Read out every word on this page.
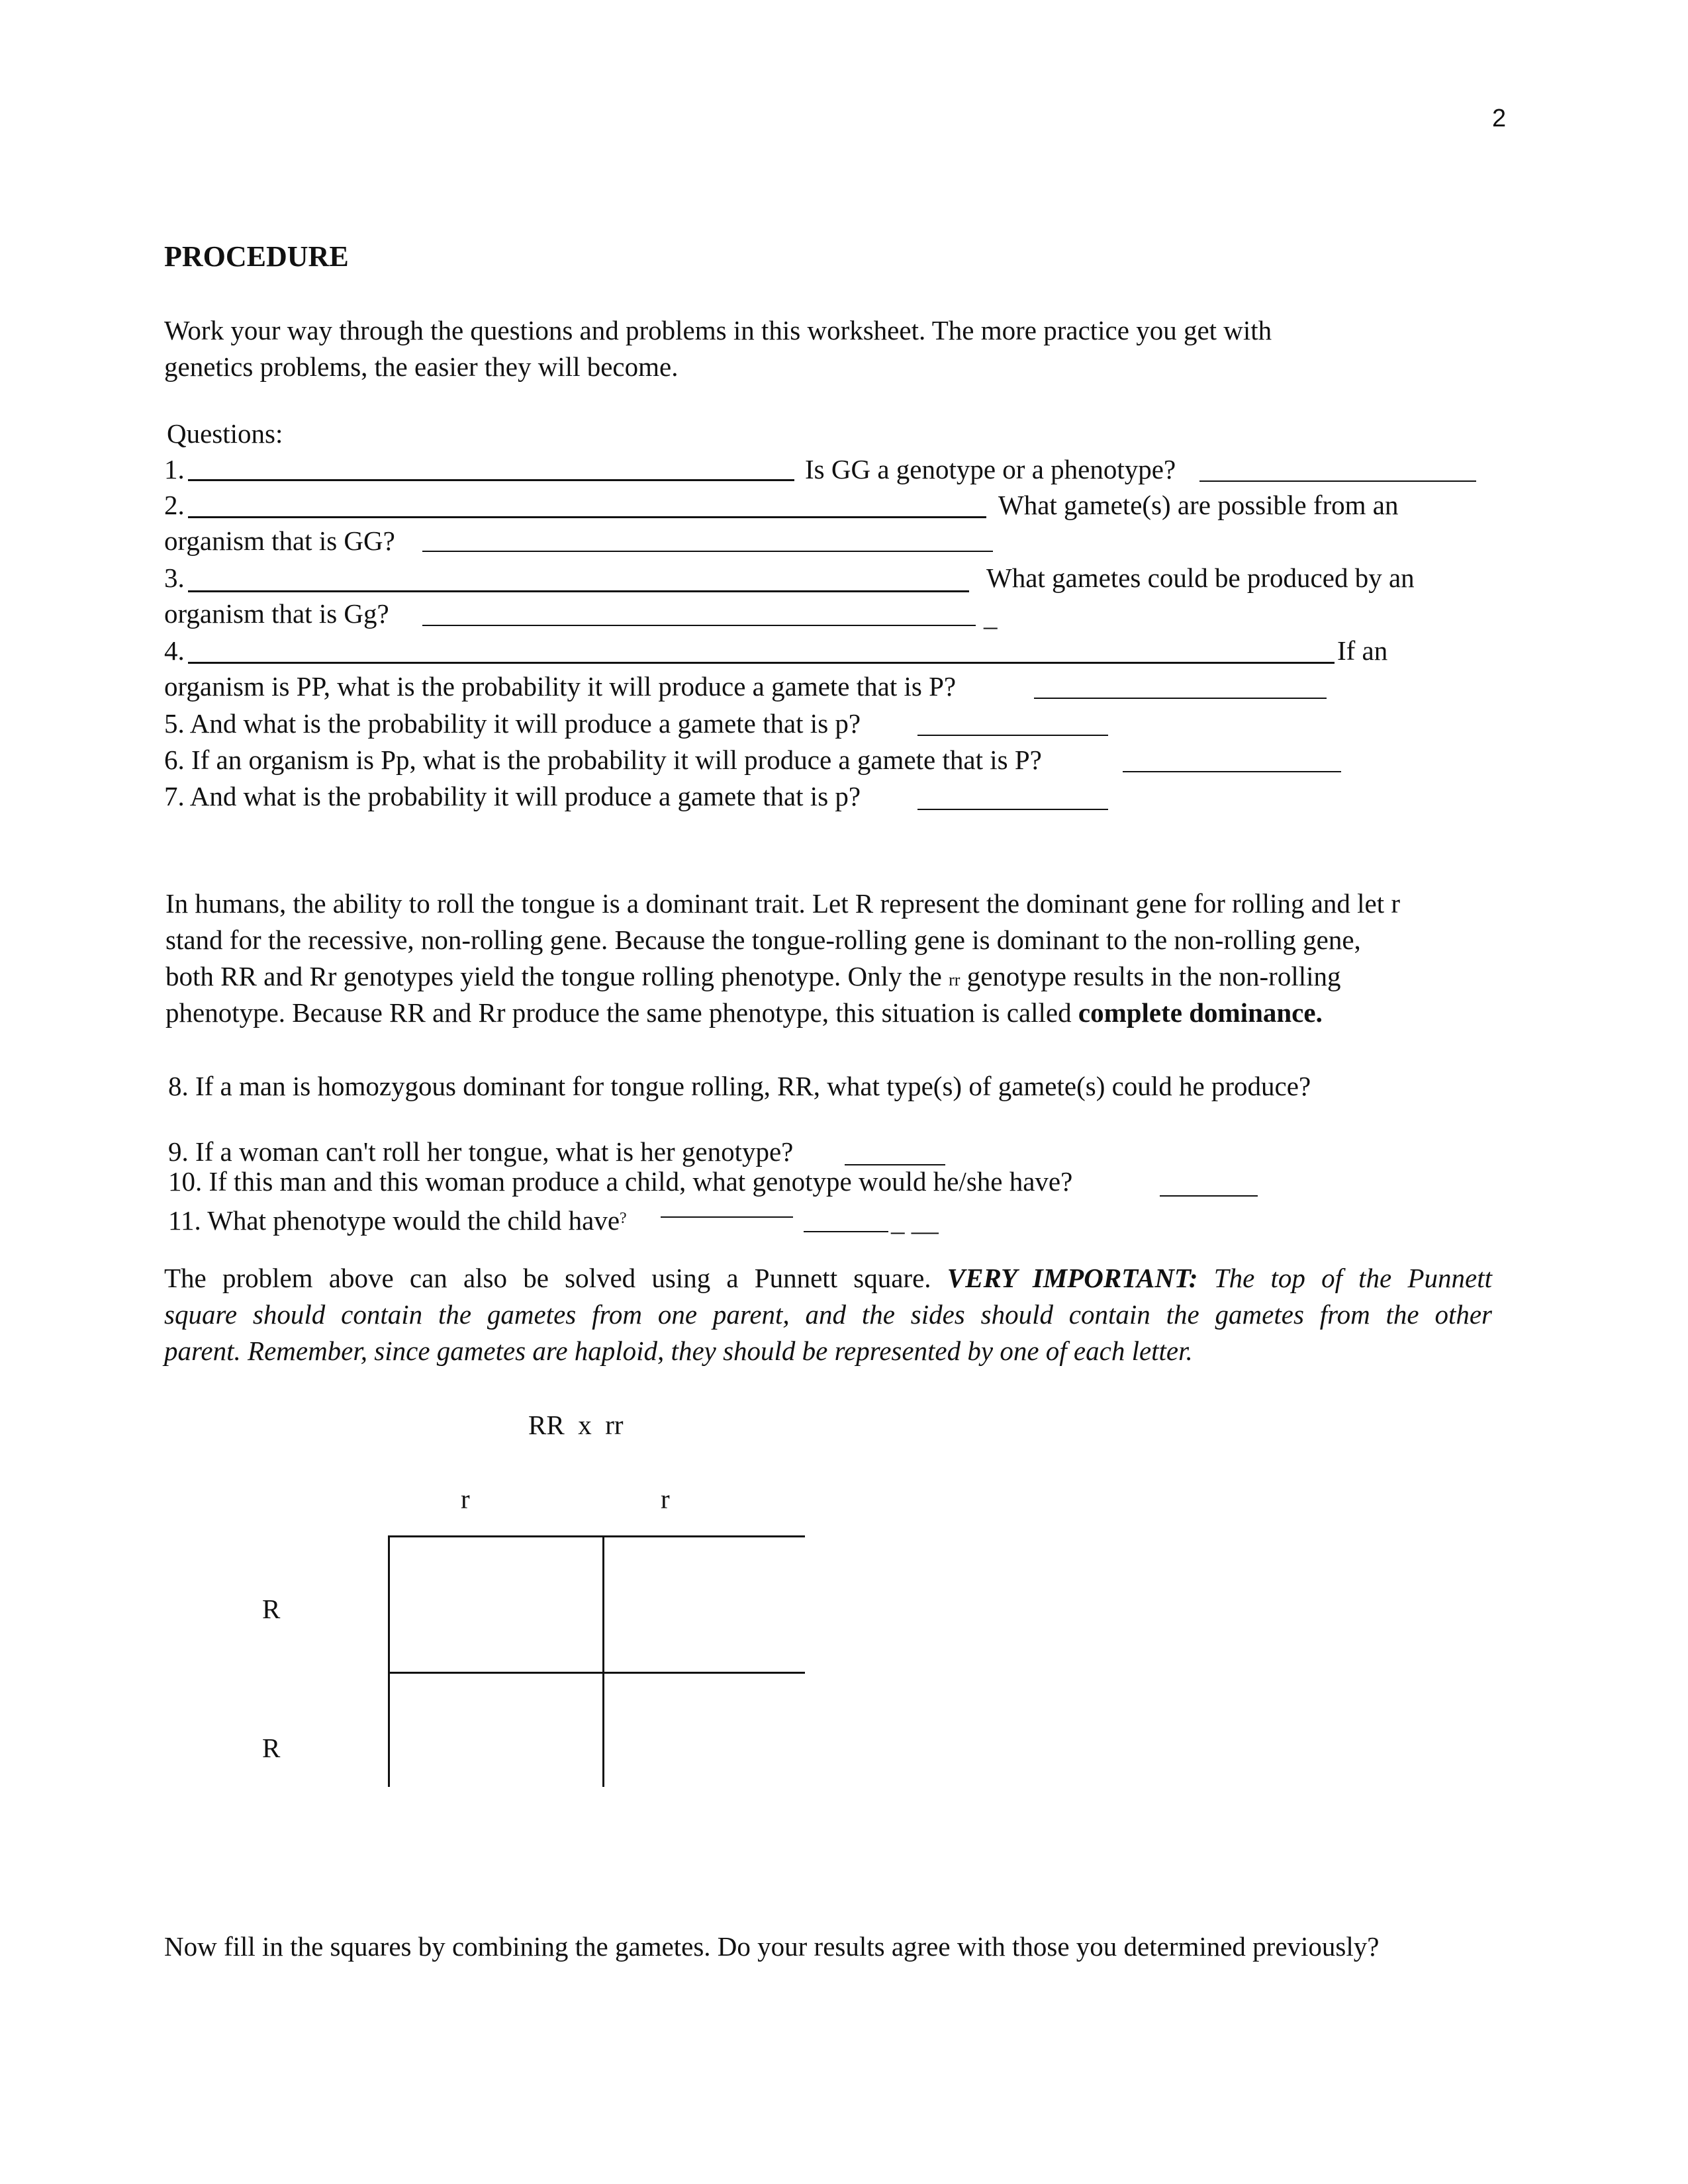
2
PROCEDURE
Work your way through the questions and problems in this worksheet. The more practice you get with
genetics problems, the easier they will become.
Questions:
1.	Is GG a genotype or a phenotype?
2.	What gamete(s) are possible from an
organism that is GG?
3.	What gametes could be produced by an
organism that is Gg?	_
4.	If an
organism is PP, what is the probability it will produce a gamete that is P?
5. And what is the probability it will produce a gamete that is p?
6. If an organism is Pp, what is the probability it will produce a gamete that is P?
7. And what is the probability it will produce a gamete that is p?
In humans, the ability to roll the tongue is a dominant trait. Let R represent the dominant gene for rolling and let r
stand for the recessive, non-rolling gene. Because the tongue-rolling gene is dominant to the non-rolling gene,
both RR and Rr genotypes yield the tongue rolling phenotype. Only the rr genotype results in the non-rolling
phenotype. Because RR and Rr produce the same phenotype, this situation is called complete dominance.
8. If a man is homozygous dominant for tongue rolling, RR, what type(s) of gamete(s) could he produce?
9. If a woman can't roll her tongue, what is her genotype?
10. If this man and this woman produce a child, what genotype would he/she have?
11. What phenotype would the child have?	_ __
The problem above can also be solved using a Punnett square. VERY IMPORTANT: The top of the Punnett
square should contain the gametes from one parent, and the sides should contain the gametes from the other
parent. Remember, since gametes are haploid, they should be represented by one of each letter.
RR  x  rr
r	r
R
R
Now fill in the squares by combining the gametes. Do your results agree with those you determined previously?
